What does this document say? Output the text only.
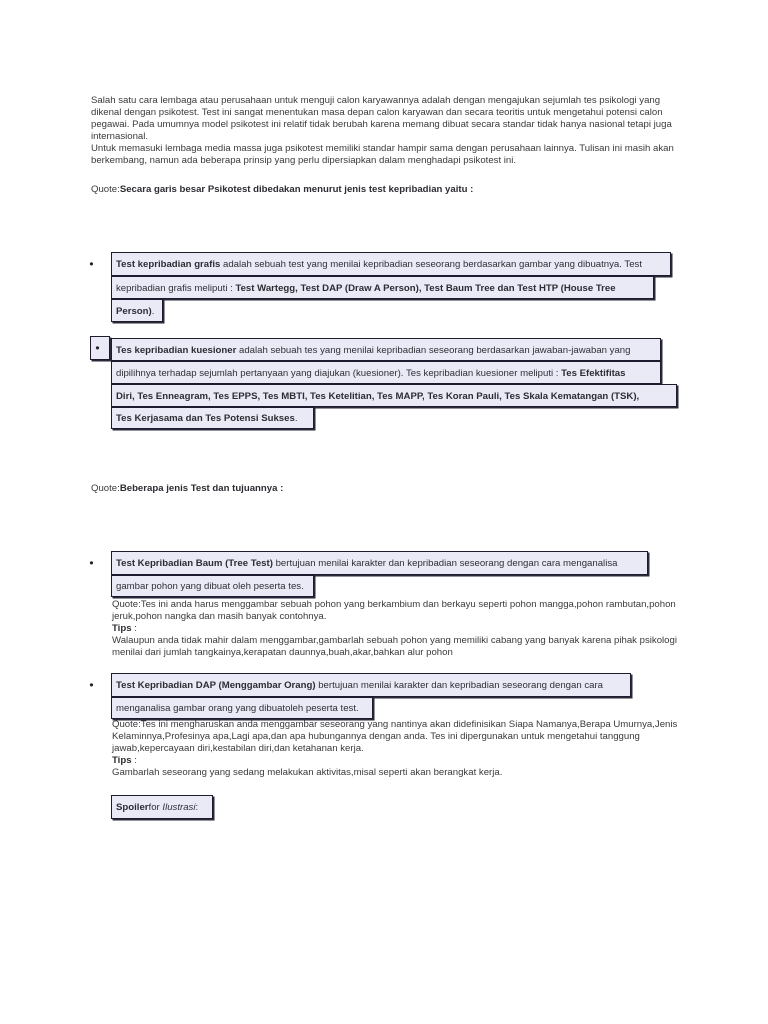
Salah satu cara lembaga atau perusahaan untuk menguji calon karyawannya adalah dengan mengajukan sejumlah tes psikologi yang dikenal dengan psikotest. Test ini sangat menentukan masa depan calon karyawan dan secara teoritis untuk mengetahui potensi calon pegawai. Pada umumnya model psikotest ini relatif tidak berubah karena memang dibuat secara standar tidak hanya nasional tetapi juga internasional.
Untuk memasuki lembaga media massa juga psikotest memiliki standar hampir sama dengan perusahaan lainnya. Tulisan ini masih akan berkembang, namun ada beberapa prinsip yang perlu dipersiapkan dalam menghadapi psikotest ini.
Quote:Secara garis besar Psikotest dibedakan menurut jenis test kepribadian yaitu :
•	Test kepribadian grafis adalah sebuah test yang menilai kepribadian seseorang berdasarkan gambar yang dibuatnya. Test
kepribadian grafis meliputi : Test Wartegg, Test DAP (Draw A Person), Test Baum Tree dan Test HTP (House Tree
Person).
•	Tes kepribadian kuesioner adalah sebuah tes yang menilai kepribadian seseorang berdasarkan jawaban-jawaban yang
dipilihnya terhadap sejumlah pertanyaan yang diajukan (kuesioner). Tes kepribadian kuesioner meliputi : Tes Efektifitas
Diri, Tes Enneagram, Tes EPPS, Tes MBTI, Tes Ketelitian, Tes MAPP, Tes Koran Pauli, Tes Skala Kematangan (TSK),
Tes Kerjasama dan Tes Potensi Sukses.
Quote:Beberapa jenis Test dan tujuannya :
•	Test Kepribadian Baum (Tree Test) bertujuan menilai karakter dan kepribadian seseorang dengan cara menganalisa
gambar pohon yang dibuat oleh peserta tes.
Quote:Tes ini anda harus menggambar sebuah pohon yang berkambium dan berkayu seperti pohon mangga,pohon rambutan,pohon jeruk,pohon nangka dan masih banyak contohnya.
Tips :
Walaupun anda tidak mahir dalam menggambar,gambarlah sebuah pohon yang memiliki cabang yang banyak karena pihak psikologi menilai dari jumlah tangkainya,kerapatan daunnya,buah,akar,bahkan alur pohon
•	Test Kepribadian DAP (Menggambar Orang) bertujuan menilai karakter dan kepribadian seseorang dengan cara
menganalisa gambar orang yang dibuatoleh peserta test.
Quote:Tes ini mengharuskan anda menggambar seseorang yang nantinya akan didefinisikan Siapa Namanya,Berapa Umurnya,Jenis Kelaminnya,Profesinya apa,Lagi apa,dan apa hubungannya dengan anda. Tes ini dipergunakan untuk mengetahui tanggung jawab,kepercayaan diri,kestabilan diri,dan ketahanan kerja.
Tips :
Gambarlah seseorang yang sedang melakukan aktivitas,misal seperti akan berangkat kerja.
Spoilerfor Ilustrasi:
